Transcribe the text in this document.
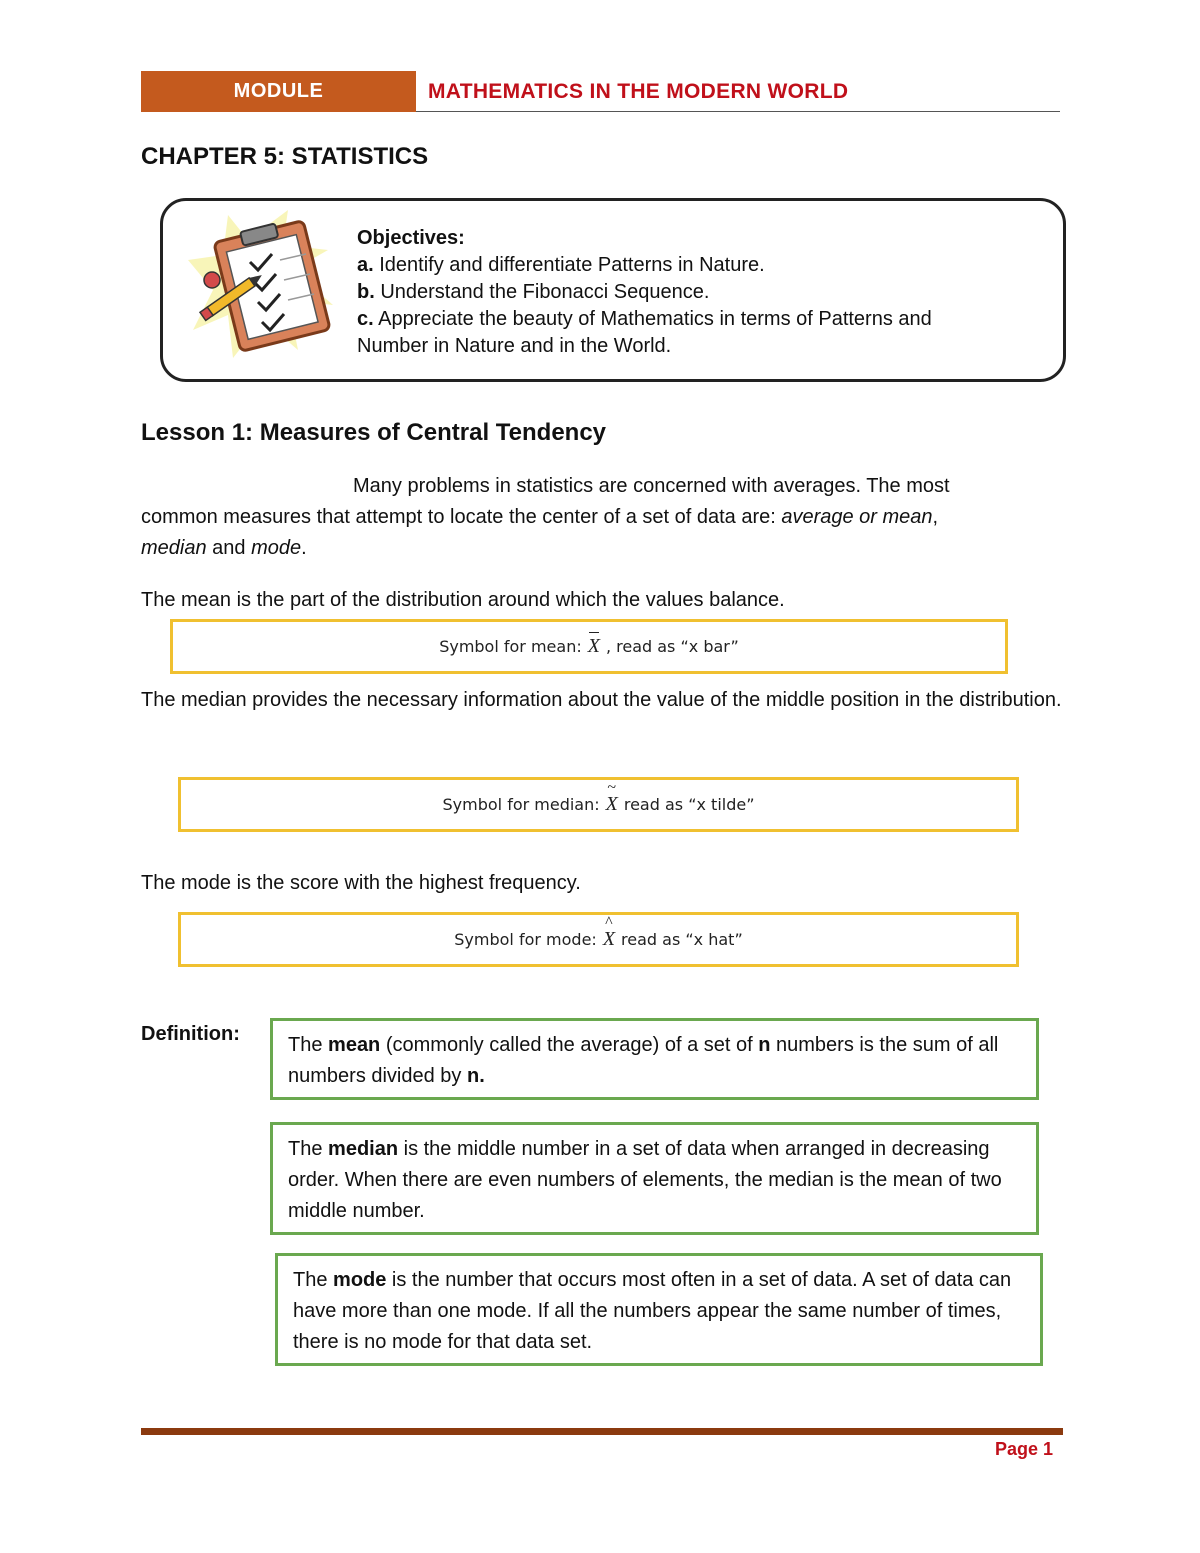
MODULE	MATHEMATICS IN THE MODERN WORLD
CHAPTER 5: STATISTICS
Objectives:
a. Identify and differentiate Patterns in Nature.
b. Understand the Fibonacci Sequence.
c. Appreciate the beauty of Mathematics in terms of Patterns and
Number in Nature and in the World.
Lesson 1: Measures of Central Tendency
Many problems in statistics are concerned with averages. The most
common measures that attempt to locate the center of a set of data are: average or mean,
median and mode.
The mean is the part of the distribution around which the values balance.
Symbol for mean: X , read as “x bar”
The median provides the necessary information about the value of the middle position in the distribution.
Symbol for median:
~
X read as “x tilde”
The mode is the score with the highest frequency.
Symbol for mode:
^
X read as “x hat”
Definition:	The mean (commonly called the average) of a set of n numbers is the sum of all numbers divided by n.
The median is the middle number in a set of data when arranged in decreasing order. When there are even numbers of elements, the median is the mean of two middle number.
The mode is the number that occurs most often in a set of data. A set of data can have more than one mode. If all the numbers appear the same number of times, there is no mode for that data set.
Page 1
